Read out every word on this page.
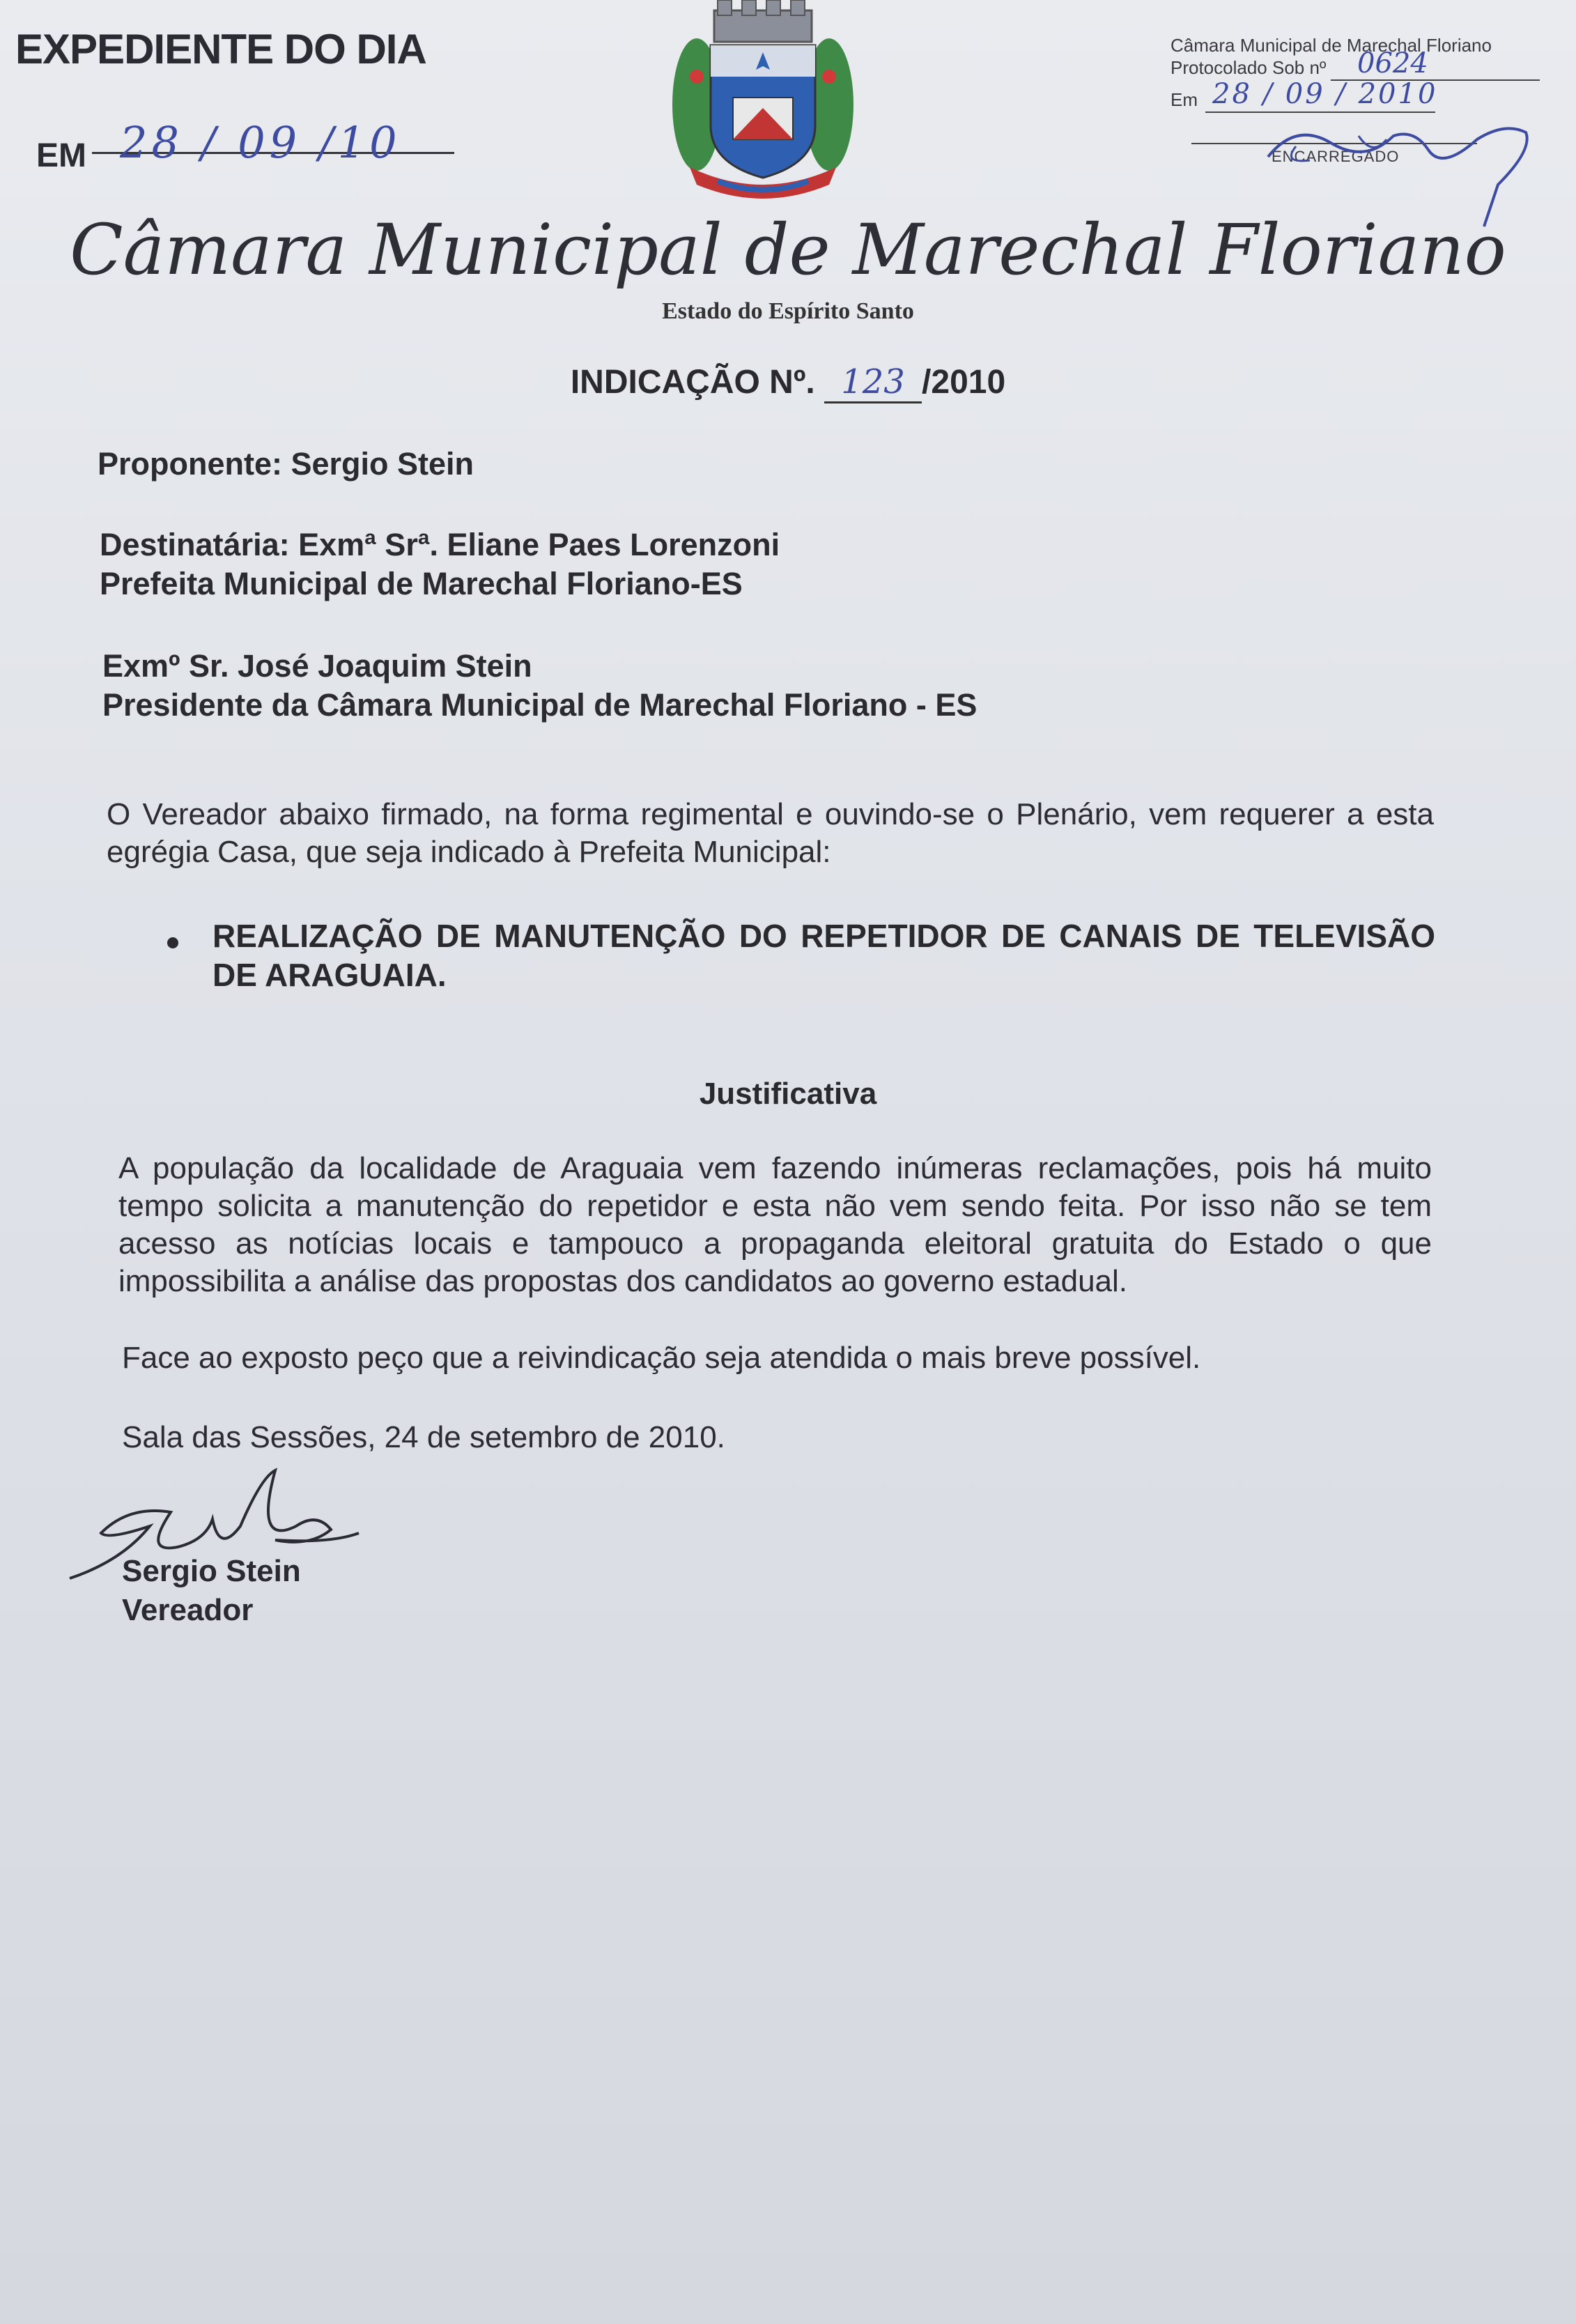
EXPEDIENTE DO DIA
EM 28 / 09 /10
Câmara Municipal de Marechal Floriano
Protocolado Sob nº 0624
Em 28 / 09 / 2010
ENCARREGADO
Câmara Municipal de Marechal Floriano
Estado do Espírito Santo
INDICAÇÃO Nº. 123 /2010
Proponente: Sergio Stein
Destinatária: Exmª Srª. Eliane Paes Lorenzoni
Prefeita Municipal de Marechal Floriano-ES
Exmº Sr. José Joaquim Stein
Presidente da Câmara Municipal de Marechal Floriano - ES
O Vereador abaixo firmado, na forma regimental e ouvindo-se o Plenário, vem requerer a esta egrégia Casa, que seja indicado à Prefeita Municipal:
REALIZAÇÃO DE MANUTENÇÃO DO REPETIDOR DE CANAIS DE TELEVISÃO DE ARAGUAIA.
Justificativa
A população da localidade de Araguaia vem fazendo inúmeras reclamações, pois há muito tempo solicita a manutenção do repetidor e esta não vem sendo feita. Por isso não se tem acesso as notícias locais e tampouco a propaganda eleitoral gratuita do Estado o que impossibilita a análise das propostas dos candidatos ao governo estadual.
Face ao exposto peço que a reivindicação seja atendida o mais breve possível.
Sala das Sessões, 24 de setembro de 2010.
Sergio Stein
Vereador
